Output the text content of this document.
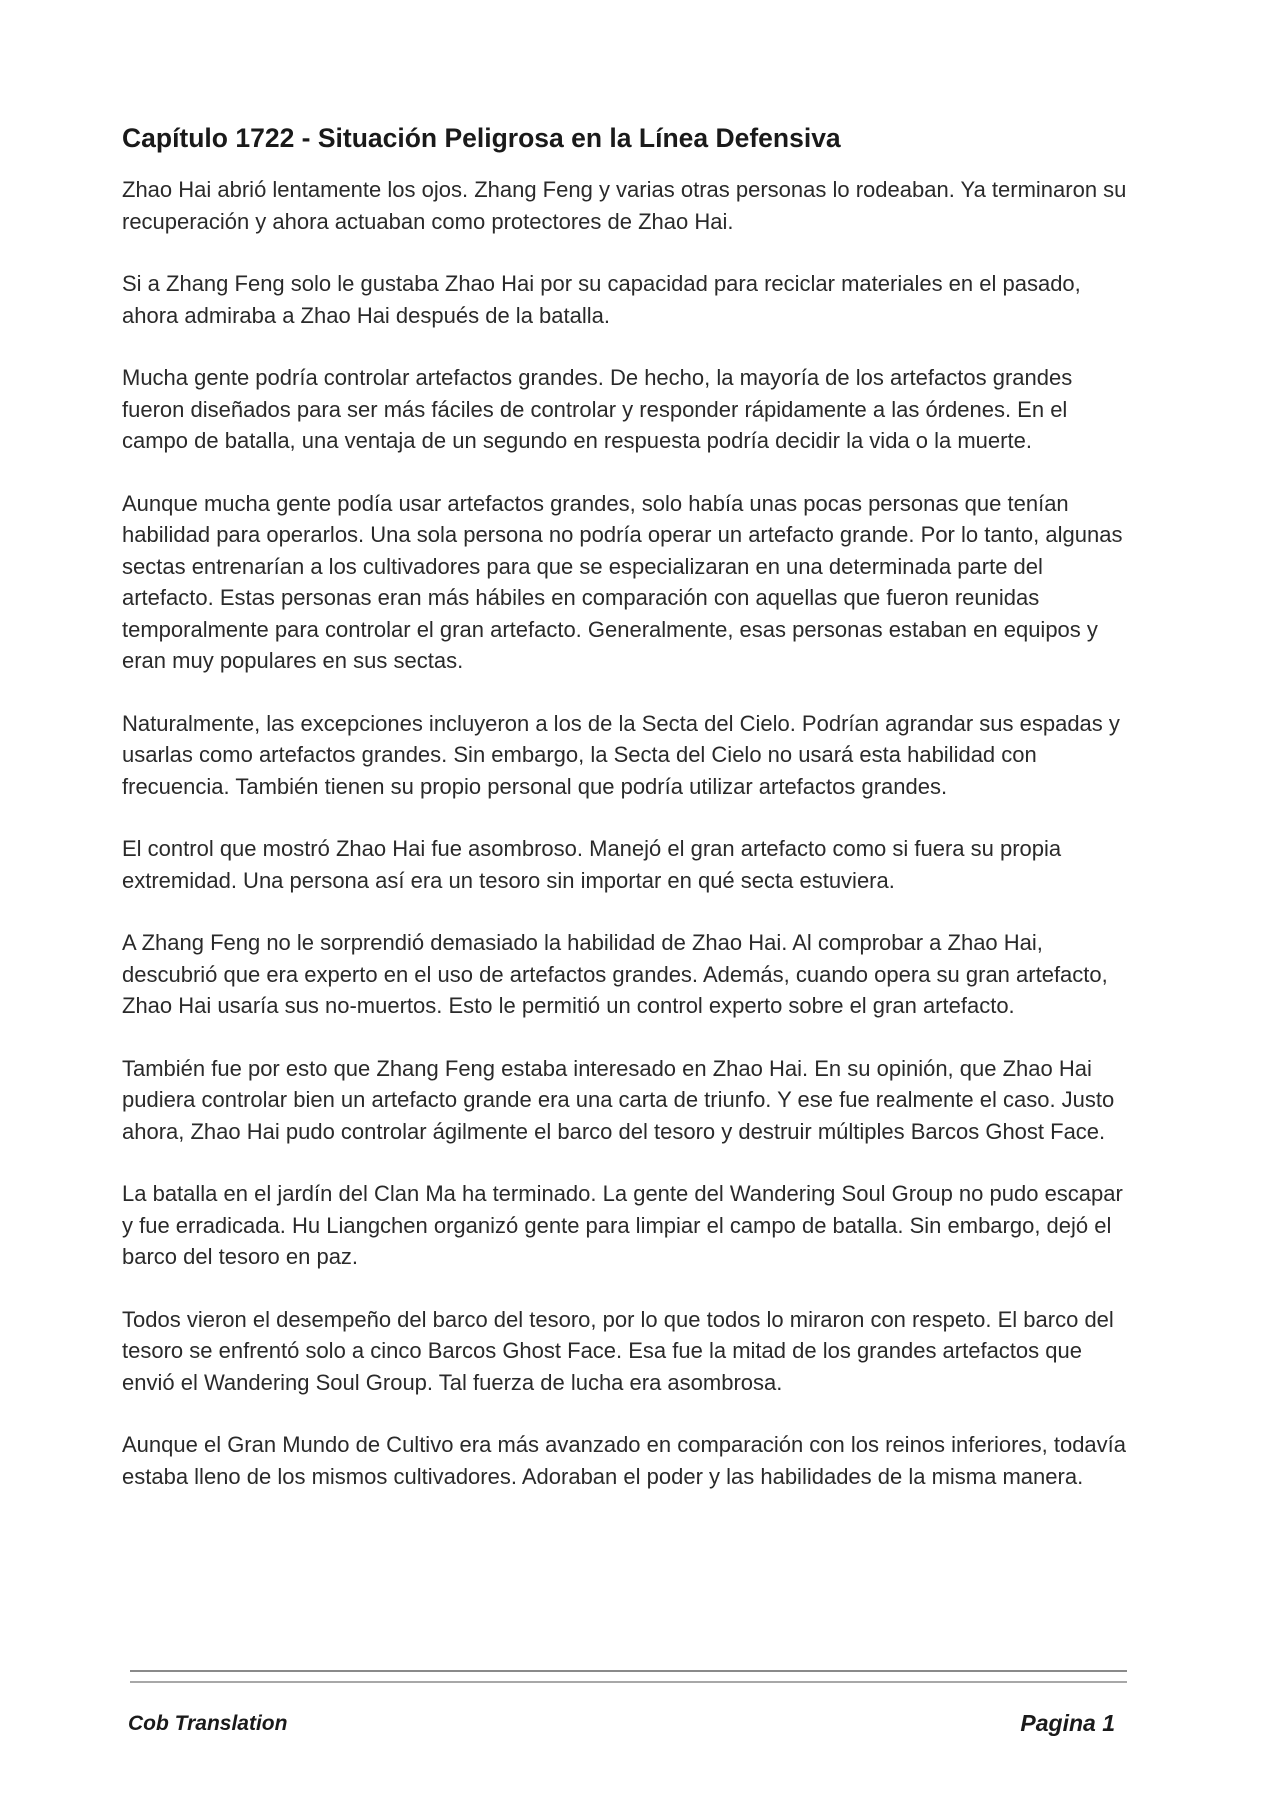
Capítulo 1722 - Situación Peligrosa en la Línea Defensiva

Zhao Hai abrió lentamente los ojos. Zhang Feng y varias otras personas lo rodeaban. Ya terminaron su recuperación y ahora actuaban como protectores de Zhao Hai.

Si a Zhang Feng solo le gustaba Zhao Hai por su capacidad para reciclar materiales en el pasado, ahora admiraba a Zhao Hai después de la batalla.

Mucha gente podría controlar artefactos grandes. De hecho, la mayoría de los artefactos grandes fueron diseñados para ser más fáciles de controlar y responder rápidamente a las órdenes. En el campo de batalla, una ventaja de un segundo en respuesta podría decidir la vida o la muerte.

Aunque mucha gente podía usar artefactos grandes, solo había unas pocas personas que tenían habilidad para operarlos. Una sola persona no podría operar un artefacto grande. Por lo tanto, algunas sectas entrenarían a los cultivadores para que se especializaran en una determinada parte del artefacto. Estas personas eran más hábiles en comparación con aquellas que fueron reunidas temporalmente para controlar el gran artefacto. Generalmente, esas personas estaban en equipos y eran muy populares en sus sectas.

Naturalmente, las excepciones incluyeron a los de la Secta del Cielo. Podrían agrandar sus espadas y usarlas como artefactos grandes. Sin embargo, la Secta del Cielo no usará esta habilidad con frecuencia. También tienen su propio personal que podría utilizar artefactos grandes.

El control que mostró Zhao Hai fue asombroso. Manejó el gran artefacto como si fuera su propia extremidad. Una persona así era un tesoro sin importar en qué secta estuviera.

A Zhang Feng no le sorprendió demasiado la habilidad de Zhao Hai. Al comprobar a Zhao Hai, descubrió que era experto en el uso de artefactos grandes. Además, cuando opera su gran artefacto, Zhao Hai usaría sus no-muertos. Esto le permitió un control experto sobre el gran artefacto.

También fue por esto que Zhang Feng estaba interesado en Zhao Hai. En su opinión, que Zhao Hai pudiera controlar bien un artefacto grande era una carta de triunfo. Y ese fue realmente el caso. Justo ahora, Zhao Hai pudo controlar ágilmente el barco del tesoro y destruir múltiples Barcos Ghost Face.

La batalla en el jardín del Clan Ma ha terminado. La gente del Wandering Soul Group no pudo escapar y fue erradicada. Hu Liangchen organizó gente para limpiar el campo de batalla. Sin embargo, dejó el barco del tesoro en paz.

Todos vieron el desempeño del barco del tesoro, por lo que todos lo miraron con respeto. El barco del tesoro se enfrentó solo a cinco Barcos Ghost Face. Esa fue la mitad de los grandes artefactos que envió el Wandering Soul Group. Tal fuerza de lucha era asombrosa.

Aunque el Gran Mundo de Cultivo era más avanzado en comparación con los reinos inferiores, todavía estaba lleno de los mismos cultivadores. Adoraban el poder y las habilidades de la misma manera.

Cob Translation	Pagina 1
